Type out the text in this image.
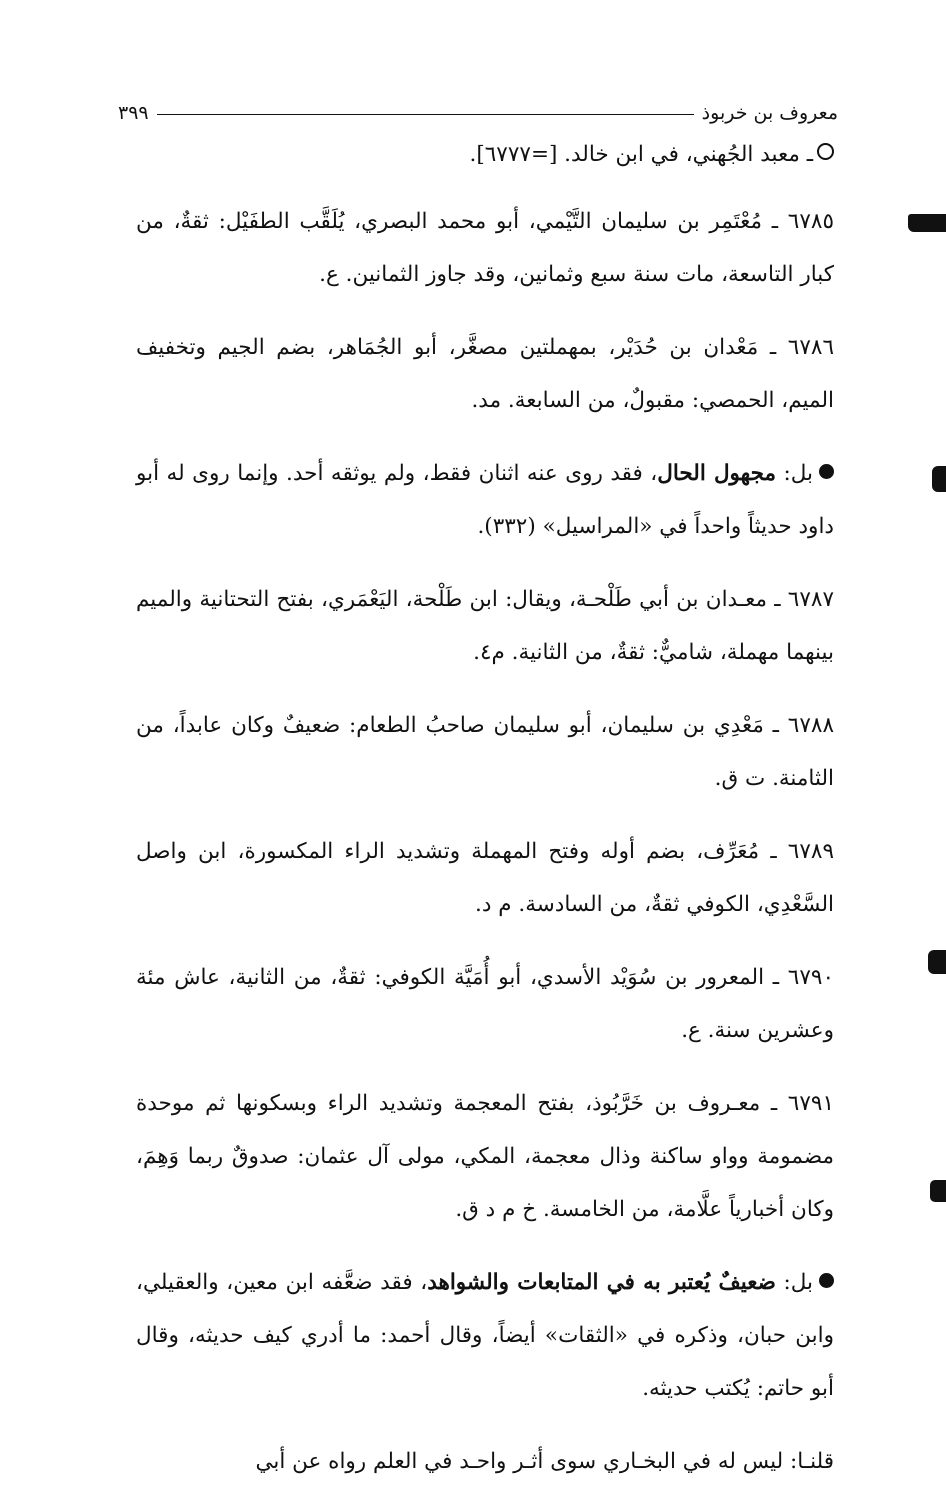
معروف بن خربوذ
٣٩٩

ـ معبد الجُهني، في ابن خالد. [=٦٧٧٧].

٦٧٨٥ ـ مُعْتَمِر بن سليمان التَّيْمي، أبو محمد البصري، يُلَقَّب الطفَيْل: ثقةٌ، من كبار التاسعة، مات سنة سبع وثمانين، وقد جاوز الثمانين. ع.

٦٧٨٦ ـ مَعْدان بن حُدَيْر، بمهملتين مصغَّر، أبو الجُمَاهر، بضم الجيم وتخفيف الميم، الحمصي: مقبولٌ، من السابعة. مد.

بل: مجهول الحال، فقد روى عنه اثنان فقط، ولم يوثقه أحد. وإنما روى له أبو داود حديثاً واحداً في «المراسيل» (٣٣٢).

٦٧٨٧ ـ معـدان بن أبي طَلْحـة، ويقال: ابن طَلْحة، اليَعْمَري، بفتح التحتانية والميم بينهما مهملة، شاميٌّ: ثقةٌ، من الثانية. م٤.

٦٧٨٨ ـ مَعْدِي بن سليمان، أبو سليمان صاحبُ الطعام: ضعيفٌ وكان عابداً، من الثامنة. ت ق.

٦٧٨٩ ـ مُعَرِّف، بضم أوله وفتح المهملة وتشديد الراء المكسورة، ابن واصل السَّعْدِي، الكوفي ثقةٌ، من السادسة. م د.

٦٧٩٠ ـ المعرور بن سُوَيْد الأسدي، أبو أُمَيَّة الكوفي: ثقةٌ، من الثانية، عاش مئة وعشرين سنة. ع.

٦٧٩١ ـ معـروف بن خَرَّبُوذ، بفتح المعجمة وتشديد الراء وبسكونها ثم موحدة مضمومة وواو ساكنة وذال معجمة، المكي، مولى آل عثمان: صدوقٌ ربما وَهِمَ، وكان أخبارياً علَّامة، من الخامسة. خ م د ق.

بل: ضعيفٌ يُعتبر به في المتابعات والشواهد، فقد ضعَّفه ابن معين، والعقيلي، وابن حبان، وذكره في «الثقات» أيضاً، وقال أحمد: ما أدري كيف حديثه، وقال أبو حاتم: يُكتب حديثه.

قلنـا: ليس له في البخـاري سوى أثـر واحـد في العلم رواه عن أبي
